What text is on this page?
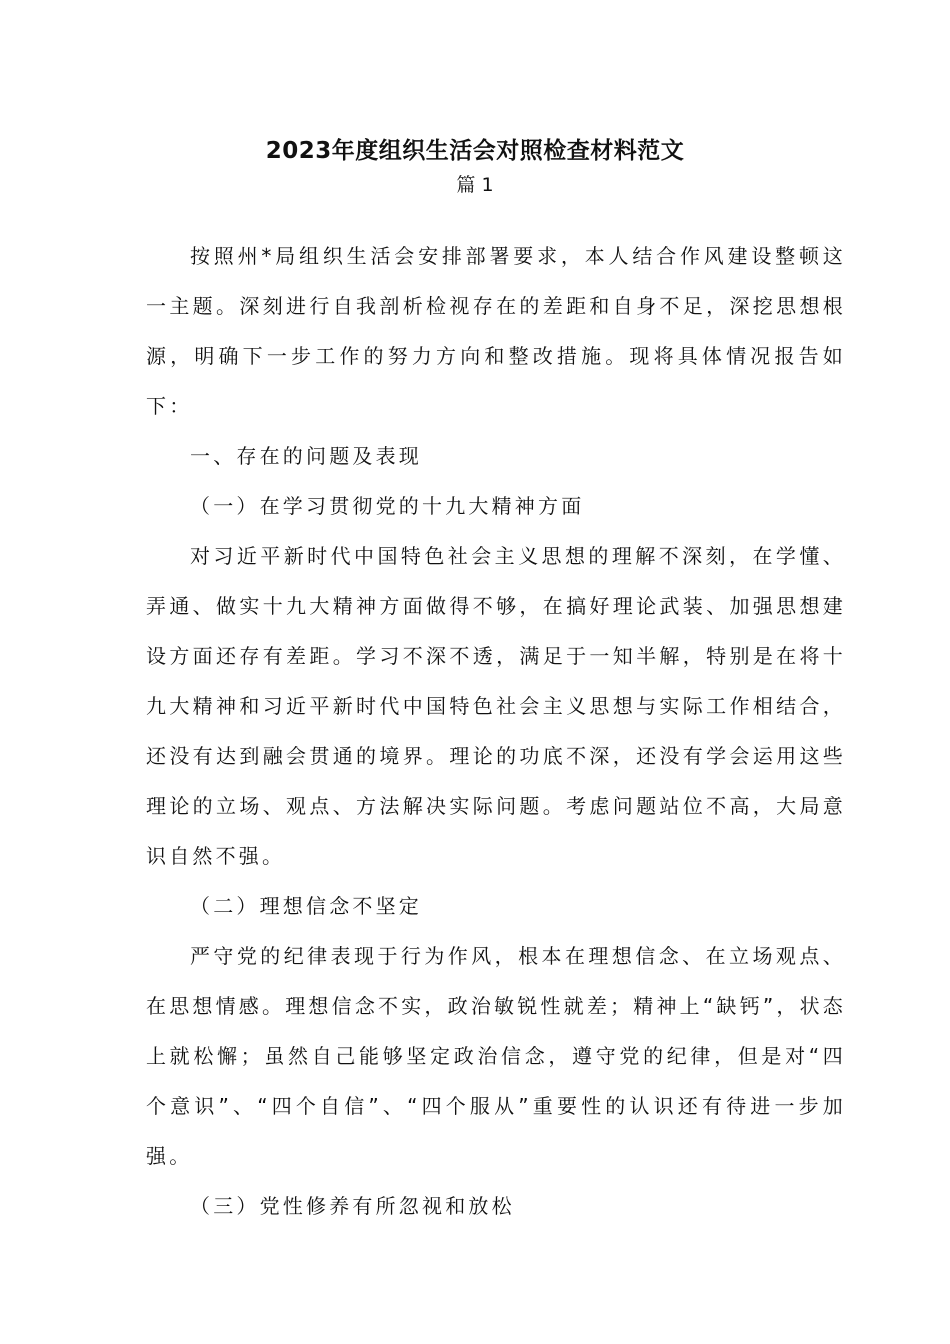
2023年度组织生活会对照检查材料范文
篇 1

按照州*局组织生活会安排部署要求，本人结合作风建设整顿这一主题。深刻进行自我剖析检视存在的差距和自身不足，深挖思想根源，明确下一步工作的努力方向和整改措施。现将具体情况报告如下：

一、存在的问题及表现

（一）在学习贯彻党的十九大精神方面

对习近平新时代中国特色社会主义思想的理解不深刻，在学懂、弄通、做实十九大精神方面做得不够，在搞好理论武装、加强思想建设方面还存有差距。学习不深不透，满足于一知半解，特别是在将十九大精神和习近平新时代中国特色社会主义思想与实际工作相结合，还没有达到融会贯通的境界。理论的功底不深，还没有学会运用这些理论的立场、观点、方法解决实际问题。考虑问题站位不高，大局意识自然不强。

（二）理想信念不坚定

严守党的纪律表现于行为作风，根本在理想信念、在立场观点、在思想情感。理想信念不实，政治敏锐性就差；精神上“缺钙”，状态上就松懈；虽然自己能够坚定政治信念，遵守党的纪律，但是对“四个意识”、“四个自信”、“四个服从”重要性的认识还有待进一步加强。

（三）党性修养有所忽视和放松
